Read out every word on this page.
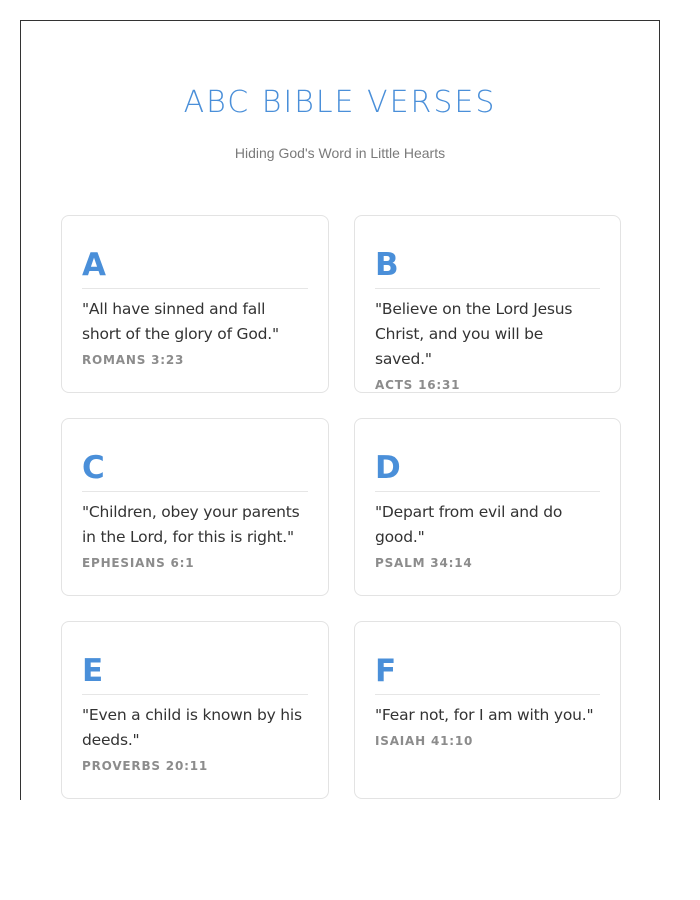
ABC BIBLE VERSES
Hiding God's Word in Little Hearts
A
"All have sinned and fall short of the glory of God."
ROMANS 3:23
B
"Believe on the Lord Jesus Christ, and you will be saved."
ACTS 16:31
C
"Children, obey your parents in the Lord, for this is right."
EPHESIANS 6:1
D
"Depart from evil and do good."
PSALM 34:14
E
"Even a child is known by his deeds."
PROVERBS 20:11
F
"Fear not, for I am with you."
ISAIAH 41:10
